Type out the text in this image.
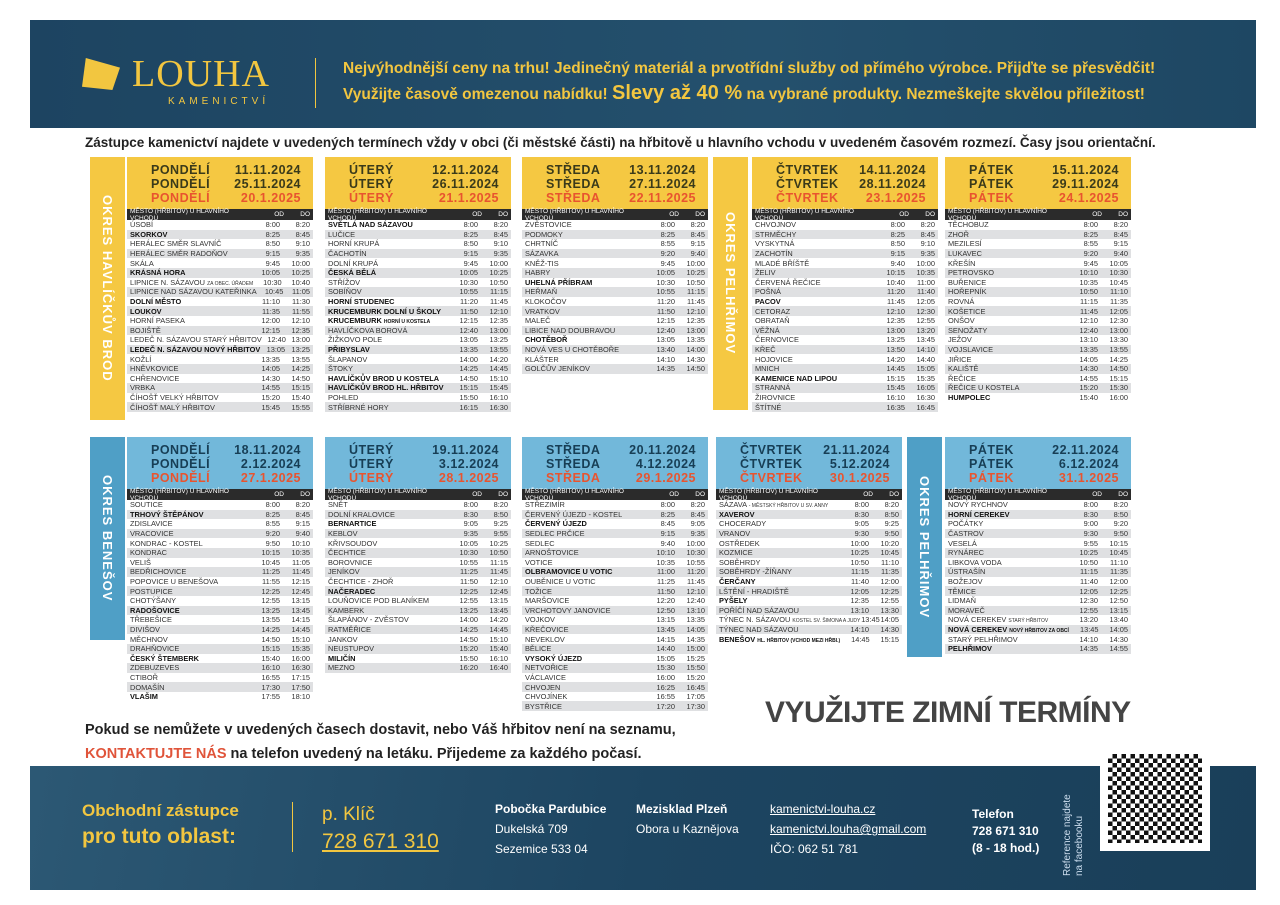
LOUHA
KAMENICTVÍ
Nejvýhodnější ceny na trhu! Jedinečný materiál a prvotřídní služby od přímého výrobce. Přijďte se přesvědčit!
Využijte časově omezenou nabídku! Slevy až 40 % na vybrané produkty. Nezmeškejte skvělou příležitost!
Zástupce kamenictví najdete v uvedených termínech vždy v obci (či městské části) na hřbitově u hlavního vchodu v uvedeném časovém rozmezí. Časy jsou orientační.
OKRES HAVLÍČKŮV BROD	OKRES PELHŘIMOV
OKRES BENEŠOV	OKRES PELHŘIMOV
PONDĚLÍ	11.11.2024
PONDĚLÍ	25.11.2024
PONDĚLÍ	20.1.2025
MĚSTO (HŘBITOV) U HLAVNÍHO VCHODU	OD	DO
ÚSOBÍ	8:00	8:20
SKORKOV	8:25	8:45
HERÁLEC SMĚR SLAVNÍČ	8:50	9:10
HERÁLEC SMĚR RADOŇOV	9:15	9:35
SKÁLA	9:45	10:00
KRÁSNÁ HORA	10:05	10:25
LIPNICE N. SÁZAVOU ZA OBEC. ÚŘADEM	10:30	10:40
LIPNICE NAD SÁZAVOU KATEŘINKA	10:45	11:05
DOLNÍ MĚSTO	11:10	11:30
LOUKOV	11:35	11:55
HORNÍ PASEKA	12:00	12:10
BOJIŠTĚ	12:15	12:35
LEDEČ N. SÁZAVOU STARÝ HŘBITOV 12:40 13:00
LEDEČ N. SÁZAVOU NOVÝ HŘBITOV 13:05 13:25
KOŽLÍ	13:35	13:55
HNĚVKOVICE	14:05	14:25
CHŘENOVICE	14:30	14:50
VRBKA	14:55	15:15
ČÍHOŠŤ VELKÝ HŘBITOV	15:20	15:40
ČÍHOŠŤ MALÝ HŘBITOV	15:45	15:55
ÚTERÝ	12.11.2024
ÚTERÝ	26.11.2024
ÚTERÝ	21.1.2025
MĚSTO (HŘBITOV) U HLAVNÍHO VCHODU	OD	DO
SVĚTLÁ NAD SÁZAVOU	8:00	8:20
LUČICE	8:25	8:45
HORNÍ KRUPÁ	8:50	9:10
ČACHOTÍN	9:15	9:35
DOLNÍ KRUPÁ	9:45	10:00
ČESKÁ BĚLÁ	10:05	10:25
STŘÍŽOV	10:30	10:50
SOBÍŇOV	10:55	11:15
HORNÍ STUDENEC	11:20	11:45
KRUCEMBURK DOLNÍ U ŠKOLY	11:50	12:10
KRUCEMBURK HORNÍ U KOSTELA	12:15	12:35
HAVLÍČKOVA BOROVÁ	12:40	13:00
ŽIŽKOVO POLE	13:05	13:25
PŘIBYSLAV	13:35	13:55
ŠLAPANOV	14:00	14:20
ŠTOKY	14:25	14:45
HAVLÍČKŮV BROD U KOSTELA	14:50	15:10
HAVLÍČKŮV BROD HL. HŘBITOV	15:15	15:45
POHLED	15:50	16:10
STŘÍBRNÉ HORY	16:15	16:30
STŘEDA	13.11.2024
STŘEDA	27.11.2024
STŘEDA	22.11.2025
MĚSTO (HŘBITOV) U HLAVNÍHO VCHODU	OD	DO
ZVĚSTOVICE	8:00	8:20
PODMOKY	8:25	8:45
CHRTNÍČ	8:55	9:15
SÁZAVKA	9:20	9:40
KNĚŽ-TIS	9:45	10:00
HABRY	10:05	10:25
UHELNÁ PŘÍBRAM	10:30	10:50
HEŘMAŇ	10:55	11:15
KLOKOČOV	11:20	11:45
VRATKOV	11:50	12:10
MALEČ	12:15	12:35
LIBICE NAD DOUBRAVOU	12:40	13:00
CHOTĚBOŘ	13:05	13:35
NOVÁ VES U CHOTĚBOŘE	13:40	14:00
KLÁŠTER	14:10	14:30
GOLČŮV JENÍKOV	14:35	14:50
ČTVRTEK	14.11.2024
ČTVRTEK	28.11.2024
ČTVRTEK	23.1.2025
MĚSTO (HŘBITOV) U HLAVNÍHO VCHODU	OD	DO
CHVOJNOV	8:00	8:20
STRMĚCHY	8:25	8:45
VYSKYTNÁ	8:50	9:10
ZACHOTÍN	9:15	9:35
MLADÉ BŘÍŠTĚ	9:40	10:00
ŽELIV	10:15	10:35
ČERVENÁ ŘEČICE	10:40	11:00
POŠNÁ	11:20	11:40
PACOV	11:45	12:05
CETORAZ	12:10	12:30
OBRATAŇ	12:35	12:55
VĚŽNÁ	13:00	13:20
ČERNOVICE	13:25	13:45
KŘEČ	13:50	14:10
HOJOVICE	14:20	14:40
MNICH	14:45	15:05
KAMENICE NAD LIPOU	15:15	15:35
STRANNÁ	15:45	16:05
ŽIROVNICE	16:10	16:30
ŠTÍTNÉ	16:35	16:45
PÁTEK	15.11.2024
PÁTEK	29.11.2024
PÁTEK	24.1.2025
MĚSTO (HŘBITOV) U HLAVNÍHO VCHODU	OD	DO
TĚCHOBUZ	8:00	8:20
ZHOŘ	8:25	8:45
MEZILESÍ	8:55	9:15
LUKAVEC	9:20	9:40
KŘEŠÍN	9:45	10:05
PETROVSKO	10:10	10:30
BUŘENICE	10:35	10:45
HOŘEPNÍK	10:50	11:10
ROVNÁ	11:15	11:35
KOŠETICE	11:45	12:05
ONŠOV	12:10	12:30
SENOŽATY	12:40	13:00
JEŽOV	13:10	13:30
VOJSLAVICE	13:35	13:55
JIŘICE	14:05	14:25
KALIŠTĚ	14:30	14:50
ŘEČICE	14:55	15:15
ŘEČICE U KOSTELA	15:20	15:30
HUMPOLEC	15:40	16:00
PONDĚLÍ	18.11.2024
PONDĚLÍ	2.12.2024
PONDĚLÍ	27.1.2025
MĚSTO (HŘBITOV) U HLAVNÍHO VCHODU	OD	DO
SOUTICE	8:00	8:20
TRHOVÝ ŠTĚPÁNOV	8:25	8:45
ZDISLAVICE	8:55	9:15
VRACOVICE	9:20	9:40
KONDRAC - KOSTEL	9:50	10:10
KONDRAC	10:15	10:35
VELIŠ	10:45	11:05
BEDŘICHOVICE	11:25	11:45
POPOVICE U BENEŠOVA	11:55	12:15
POSTUPICE	12:25	12:45
CHOTÝŠANY	12:55	13:15
RADOŠOVICE	13:25	13:45
TŘEBEŠICE	13:55	14:15
DIVIŠOV	14:25	14:45
MĚCHNOV	14:50	15:10
DRAHŇOVICE	15:15	15:35
ČESKÝ ŠTEMBERK	15:40	16:00
ZDEBUZEVES	16:10	16:30
CTIBOŘ	16:55	17:15
DOMAŠÍN	17:30	17:50
VLAŠIM	17:55	18:10
ÚTERÝ	19.11.2024
ÚTERÝ	3.12.2024
ÚTERÝ	28.1.2025
MĚSTO (HŘBITOV) U HLAVNÍHO VCHODU	OD	DO
SNĚT	8:00	8:20
DOLNÍ KRALOVICE	8:30	8:50
BERNARTICE	9:05	9:25
KEBLOV	9:35	9:55
KŘIVSOUDOV	10:05	10:25
ČECHTICE	10:30	10:50
BOROVNICE	10:55	11:15
JENÍKOV	11:25	11:45
ČECHTICE - ZHOŘ	11:50	12:10
NAČERADEC	12:25	12:45
LOUŇOVICE POD BLANÍKEM	12:55	13:15
KAMBERK	13:25	13:45
ŠLAPÁNOV - ZVĚSTOV	14:00	14:20
RATMĚŘICE	14:25	14:45
JANKOV	14:50	15:10
NEUSTUPOV	15:20	15:40
MILIČÍN	15:50	16:10
MEZNO	16:20	16:40
STŘEDA	20.11.2024
STŘEDA	4.12.2024
STŘEDA	29.1.2025
MĚSTO (HŘBITOV) U HLAVNÍHO VCHODU	OD	DO
STŘEZIMÍR	8:00	8:20
ČERVENÝ ÚJEZD - KOSTEL	8:25	8:45
ČERVENÝ ÚJEZD	8:45	9:05
SEDLEC PRČICE	9:15	9:35
SEDLEC	9:40	10:00
ARNOŠTOVICE	10:10	10:30
VOTICE	10:35	10:55
OLBRAMOVICE U VOTIC	11:00	11:20
OUBĚNICE U VOTIC	11:25	11:45
TOŽICE	11:50	12:10
MARŠOVICE	12:20	12:40
VRCHOTOVY JANOVICE	12:50	13:10
VOJKOV	13:15	13:35
KŘEČOVICE	13:45	14:05
NEVEKLOV	14:15	14:35
BĚLICE	14:40	15:00
VYSOKÝ ÚJEZD	15:05	15:25
NETVOŘICE	15:30	15:50
VÁCLAVICE	16:00	15:20
CHVOJEN	16:25	16:45
CHVOJÍNEK	16:55	17:05
BYSTŘICE	17:20	17:30
ČTVRTEK	21.11.2024
ČTVRTEK	5.12.2024
ČTVRTEK	30.1.2025
MĚSTO (HŘBITOV) U HLAVNÍHO VCHODU	OD	DO
SÁZAVA - MĚSTSKÝ HŘBITOV U SV. ANNY	8:00	8:20
XAVEROV	8:30	8:50
CHOCERADY	9:05	9:25
VRANOV	9:30	9:50
OSTŘEDEK	10:00	10:20
KOZMICE	10:25	10:45
SOBĚHRDY	10:50	11:10
SOBĚHRDY -ŽÍŇANY	11:15	11:35
ČERČANY	11:40	12:00
LŠTĚNÍ - HRADIŠTĚ	12:05	12:25
PYŠELY	12:35	12:55
POŘÍČÍ NAD SÁZAVOU	13:10	13:30
TÝNEC N. SÁZAVOU KOSTEL SV. ŠIMONA A JUDY 13:45 14:05
TÝNEC NAD SÁZAVOU	14:10	14:30
BENEŠOV HL. HŘBITOV (VCHOD MEZI HŘBI.)	14:45	15:15
PÁTEK	22.11.2024
PÁTEK	6.12.2024
PÁTEK	31.1.2025
MĚSTO (HŘBITOV) U HLAVNÍHO VCHODU	OD	DO
NOVÝ RYCHNOV	8:00	8:20
HORNÍ CEREKEV	8:30	8:50
POČÁTKY	9:00	9:20
ČASTROV	9:30	9:50
VESELÁ	9:55	10:15
RYNÁREC	10:25	10:45
LIBKOVA VODA	10:50	11:10
ÚSTRAŠÍN	11:15	11:35
BOŽEJOV	11:40	12:00
TĚMICE	12:05	12:25
LIDMAŇ	12:30	12:50
MORAVEČ	12:55	13:15
NOVÁ CEREKEV STARÝ HŘBITOV	13:20	13:40
NOVÁ CEREKEV NOVÝ HŘBITOV ZA OBCÍ	13:45	14:05
STARÝ PELHŘIMOV	14:10	14:30
PELHŘIMOV	14:35	14:55
Pokud se nemůžete v uvedených časech dostavit, nebo Váš hřbitov není na seznamu,
KONTAKTUJTE NÁS na telefon uvedený na letáku. Přijedeme za každého počasí.
VYUŽIJTE ZIMNÍ TERMÍNY
Obchodní zástupce
pro tuto oblast:
p. Klíč
728 671 310
Pobočka Pardubice
Dukelská 709
Sezemice 533 04
Mezisklad Plzeň
Obora u Kaznějova
kamenictvi-louha.cz
kamenictvi.louha@gmail.com
IČO: 062 51 781
Telefon
728 671 310
(8 - 18 hod.) Reference najdete na facebooku
